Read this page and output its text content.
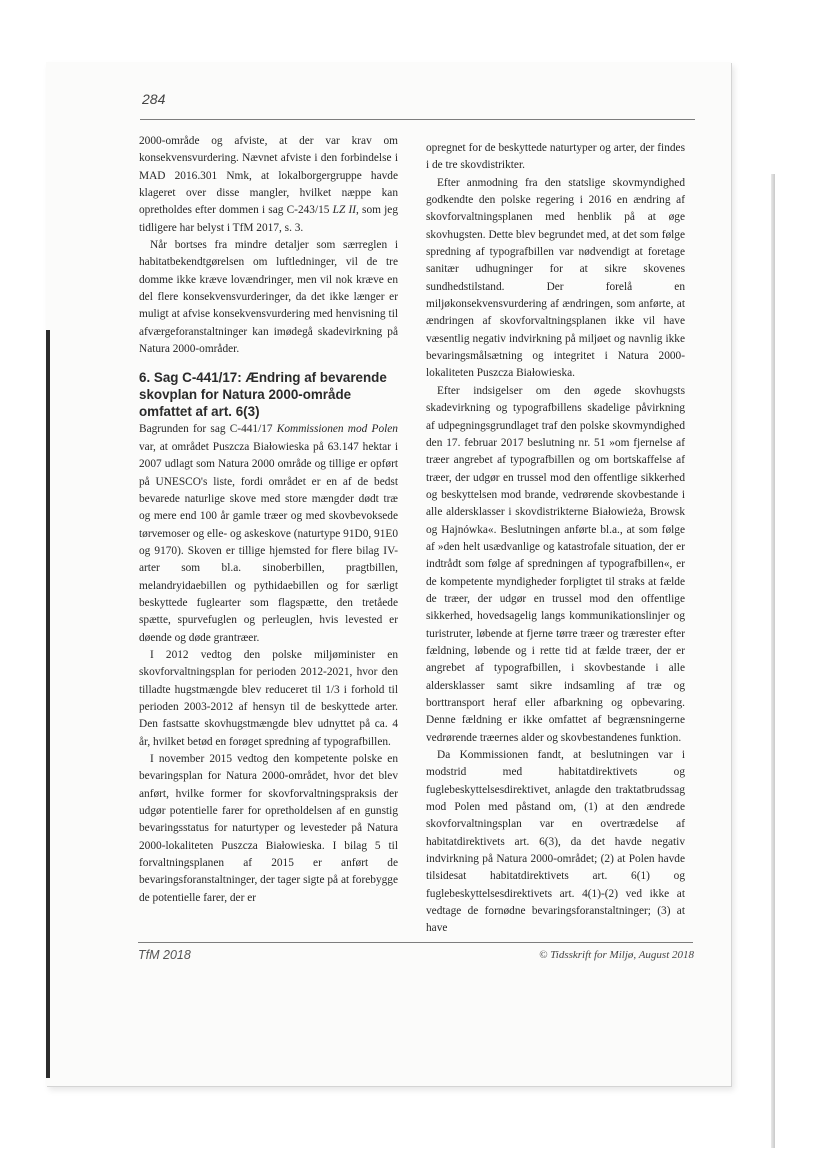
284

2000-område og afviste, at der var krav om konsekvensvurdering. Nævnet afviste i den forbindelse i MAD 2016.301 Nmk, at lokalborgergruppe havde klageret over disse mangler, hvilket næppe kan opretholdes efter dommen i sag C-243/15 LZ II, som jeg tidligere har belyst i TfM 2017, s. 3.

Når bortses fra mindre detaljer som særreglen i habitatbekendtgørelsen om luftledninger, vil de tre domme ikke kræve lovændringer, men vil nok kræve en del flere konsekvensvurderinger, da det ikke længer er muligt at afvise konsekvensvurdering med henvisning til afværgeforanstaltninger kan imødegå skadevirkning på Natura 2000-områder.

6. Sag C-441/17: Ændring af bevarende skovplan for Natura 2000-område omfattet af art. 6(3)

Bagrunden for sag C-441/17 Kommissionen mod Polen var, at området Puszcza Białowieska på 63.147 hektar i 2007 udlagt som Natura 2000 område og tillige er opført på UNESCO's liste, fordi området er en af de bedst bevarede naturlige skove med store mængder dødt træ og mere end 100 år gamle træer og med skovbevoksede tørvemoser og elle- og askeskove (naturtype 91D0, 91E0 og 9170). Skoven er tillige hjemsted for flere bilag IV-arter som bl.a. sinoberbillen, pragtbillen, melandryidaebillen og pythidaebillen og for særligt beskyttede fuglearter som flagspætte, den tretåede spætte, spurvefuglen og perleuglen, hvis levested er døende og døde grantræer.

I 2012 vedtog den polske miljøminister en skovforvaltningsplan for perioden 2012-2021, hvor den tilladte hugstmængde blev reduceret til 1/3 i forhold til perioden 2003-2012 af hensyn til de beskyttede arter. Den fastsatte skovhugstmængde blev udnyttet på ca. 4 år, hvilket betød en forøget spredning af typografbillen.

I november 2015 vedtog den kompetente polske en bevaringsplan for Natura 2000-området, hvor det blev anført, hvilke former for skovforvaltningspraksis der udgør potentielle farer for opretholdelsen af en gunstig bevaringsstatus for naturtyper og levesteder på Natura 2000-lokaliteten Puszcza Białowieska. I bilag 5 til forvaltningsplanen af 2015 er anført de bevaringsforanstaltninger, der tager sigte på at forebygge de potentielle farer, der er

opregnet for de beskyttede naturtyper og arter, der findes i de tre skovdistrikter.

Efter anmodning fra den statslige skovmyndighed godkendte den polske regering i 2016 en ændring af skovforvaltningsplanen med henblik på at øge skovhugsten. Dette blev begrundet med, at det som følge spredning af typografbillen var nødvendigt at foretage sanitær udhugninger for at sikre skovenes sundhedstilstand. Der forelå en miljøkonsekvensvurdering af ændringen, som anførte, at ændringen af skovforvaltningsplanen ikke vil have væsentlig negativ indvirkning på miljøet og navnlig ikke bevaringsmålsætning og integritet i Natura 2000-lokaliteten Puszcza Białowieska.

Efter indsigelser om den øgede skovhugsts skadevirkning og typografbillens skadelige påvirkning af udpegningsgrundlaget traf den polske skovmyndighed den 17. februar 2017 beslutning nr. 51 »om fjernelse af træer angrebet af typografbillen og om bortskaffelse af træer, der udgør en trussel mod den offentlige sikkerhed og beskyttelsen mod brande, vedrørende skovbestande i alle aldersklasser i skovdistrikterne Białowieża, Browsk og Hajnówka«. Beslutningen anførte bl.a., at som følge af »den helt usædvanlige og katastrofale situation, der er indtrådt som følge af spredningen af typografbillen«, er de kompetente myndigheder forpligtet til straks at fælde de træer, der udgør en trussel mod den offentlige sikkerhed, hovedsagelig langs kommunikationslinjer og turistruter, løbende at fjerne tørre træer og trærester efter fældning, løbende og i rette tid at fælde træer, der er angrebet af typografbillen, i skovbestande i alle aldersklasser samt sikre indsamling af træ og borttransport heraf eller afbarkning og opbevaring. Denne fældning er ikke omfattet af begrænsningerne vedrørende træernes alder og skovbestandenes funktion.

Da Kommissionen fandt, at beslutningen var i modstrid med habitatdirektivets og fuglebeskyttelsesdirektivet, anlagde den traktatbrudssag mod Polen med påstand om, (1) at den ændrede skovforvaltningsplan var en overtrædelse af habitatdirektivets art. 6(3), da det havde negativ indvirkning på Natura 2000-området; (2) at Polen havde tilsidesat habitatdirektivets art. 6(1) og fuglebeskyttelsesdirektivets art. 4(1)-(2) ved ikke at vedtage de fornødne bevaringsforanstaltninger; (3) at have

TfM 2018	© Tidsskrift for Miljø, August 2018
